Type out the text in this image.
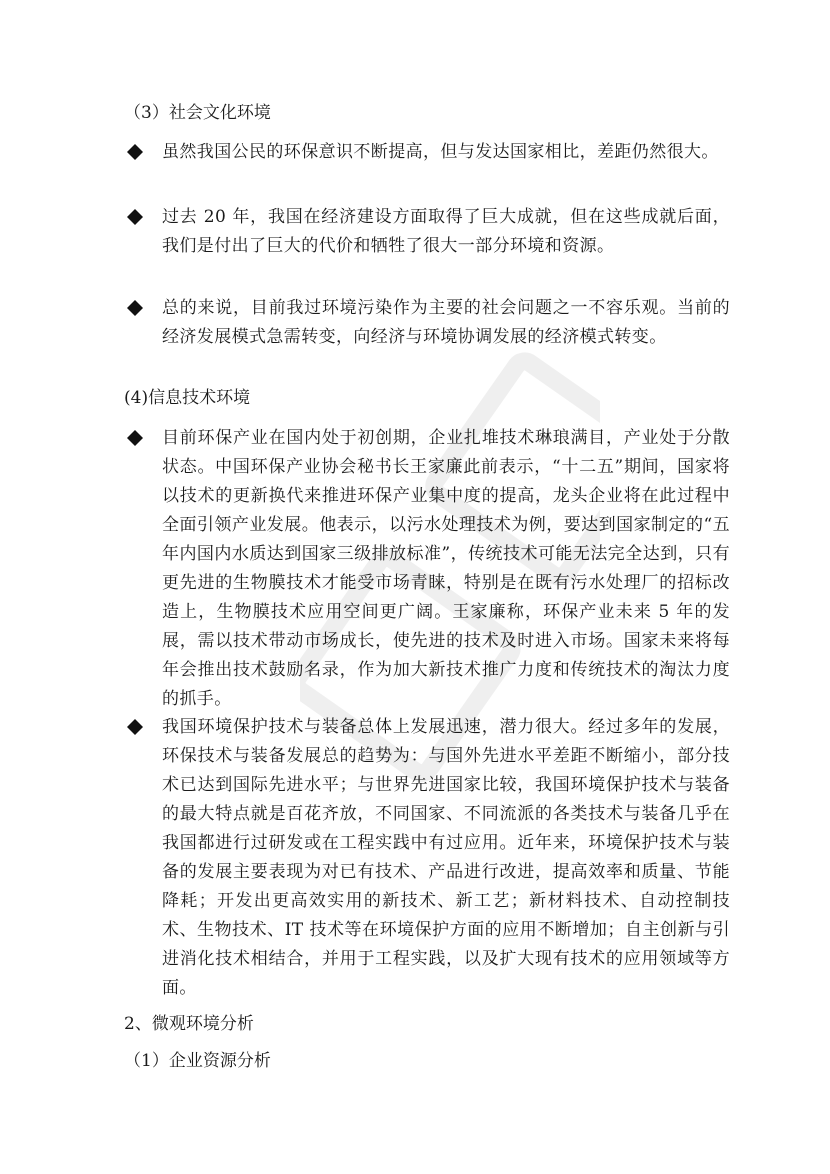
（3）社会文化环境
虽然我国公民的环保意识不断提高，但与发达国家相比，差距仍然很大。
过去 20 年，我国在经济建设方面取得了巨大成就，但在这些成就后面，我们是付出了巨大的代价和牺牲了很大一部分环境和资源。
总的来说，目前我过环境污染作为主要的社会问题之一不容乐观。当前的经济发展模式急需转变，向经济与环境协调发展的经济模式转变。
(4)信息技术环境
目前环保产业在国内处于初创期，企业扎堆技术琳琅满目，产业处于分散状态。中国环保产业协会秘书长王家廉此前表示，“十二五”期间，国家将以技术的更新换代来推进环保产业集中度的提高，龙头企业将在此过程中全面引领产业发展。他表示，以污水处理技术为例，要达到国家制定的“五年内国内水质达到国家三级排放标准”，传统技术可能无法完全达到，只有更先进的生物膜技术才能受市场青睐，特别是在既有污水处理厂的招标改造上，生物膜技术应用空间更广阔。王家廉称，环保产业未来 5 年的发展，需以技术带动市场成长，使先进的技术及时进入市场。国家未来将每年会推出技术鼓励名录，作为加大新技术推广力度和传统技术的淘汰力度的抓手。
我国环境保护技术与装备总体上发展迅速，潜力很大。经过多年的发展，环保技术与装备发展总的趋势为：与国外先进水平差距不断缩小，部分技术已达到国际先进水平；与世界先进国家比较，我国环境保护技术与装备的最大特点就是百花齐放，不同国家、不同流派的各类技术与装备几乎在我国都进行过研发或在工程实践中有过应用。近年来，环境保护技术与装备的发展主要表现为对已有技术、产品进行改进，提高效率和质量、节能降耗；开发出更高效实用的新技术、新工艺；新材料技术、自动控制技术、生物技术、IT 技术等在环境保护方面的应用不断增加；自主创新与引进消化技术相结合，并用于工程实践，以及扩大现有技术的应用领域等方面。
2、微观环境分析
（1）企业资源分析
